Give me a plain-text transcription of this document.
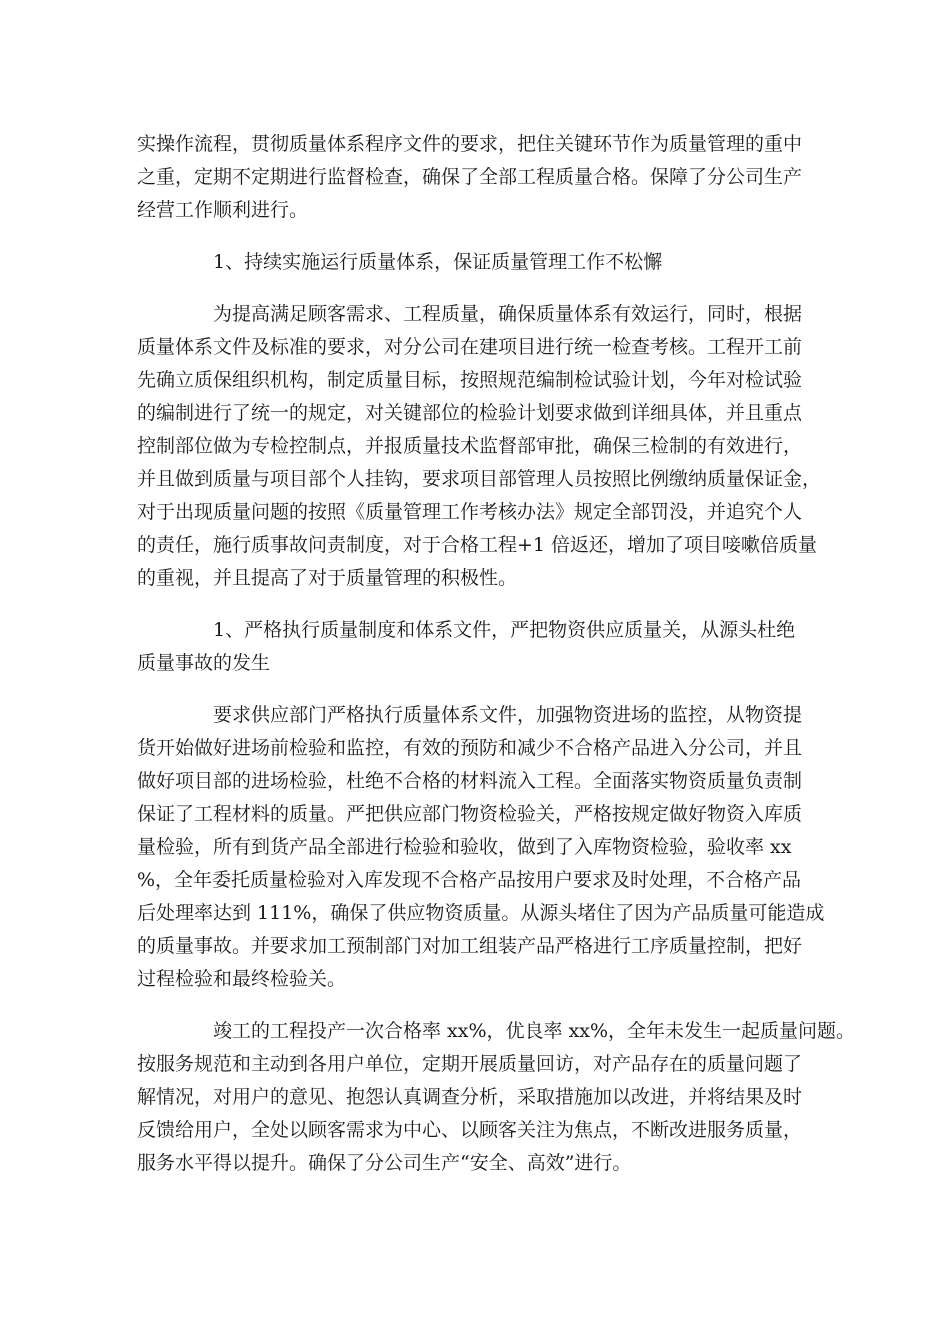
实操作流程，贯彻质量体系程序文件的要求，把住关键环节作为质量管理的重中
之重，定期不定期进行监督检查，确保了全部工程质量合格。保障了分公司生产
经营工作顺利进行。
1、持续实施运行质量体系，保证质量管理工作不松懈
为提高满足顾客需求、工程质量，确保质量体系有效运行，同时，根据
质量体系文件及标准的要求，对分公司在建项目进行统一检查考核。工程开工前
先确立质保组织机构，制定质量目标，按照规范编制检试验计划，今年对检试验
的编制进行了统一的规定，对关键部位的检验计划要求做到详细具体，并且重点
控制部位做为专检控制点，并报质量技术监督部审批，确保三检制的有效进行，
并且做到质量与项目部个人挂钩，要求项目部管理人员按照比例缴纳质量保证金，
对于出现质量问题的按照《质量管理工作考核办法》规定全部罚没，并追究个人
的责任，施行质事故问责制度，对于合格工程+1 倍返还，增加了项目唼嗽倍质量
的重视，并且提高了对于质量管理的积极性。
1、严格执行质量制度和体系文件，严把物资供应质量关，从源头杜绝
质量事故的发生
要求供应部门严格执行质量体系文件，加强物资进场的监控，从物资提
货开始做好进场前检验和监控，有效的预防和减少不合格产品进入分公司，并且
做好项目部的进场检验，杜绝不合格的材料流入工程。全面落实物资质量负责制
保证了工程材料的质量。严把供应部门物资检验关，严格按规定做好物资入库质
量检验，所有到货产品全部进行检验和验收，做到了入库物资检验，验收率 xx
%，全年委托质量检验对入库发现不合格产品按用户要求及时处理，不合格产品
后处理率达到 111%，确保了供应物资质量。从源头堵住了因为产品质量可能造成
的质量事故。并要求加工预制部门对加工组装产品严格进行工序质量控制，把好
过程检验和最终检验关。
竣工的工程投产一次合格率 xx%，优良率 xx%，全年未发生一起质量问题。
按服务规范和主动到各用户单位，定期开展质量回访，对产品存在的质量问题了
解情况，对用户的意见、抱怨认真调查分析，采取措施加以改进，并将结果及时
反馈给用户，全处以顾客需求为中心、以顾客关注为焦点，不断改进服务质量，
服务水平得以提升。确保了分公司生产“安全、高效”进行。
